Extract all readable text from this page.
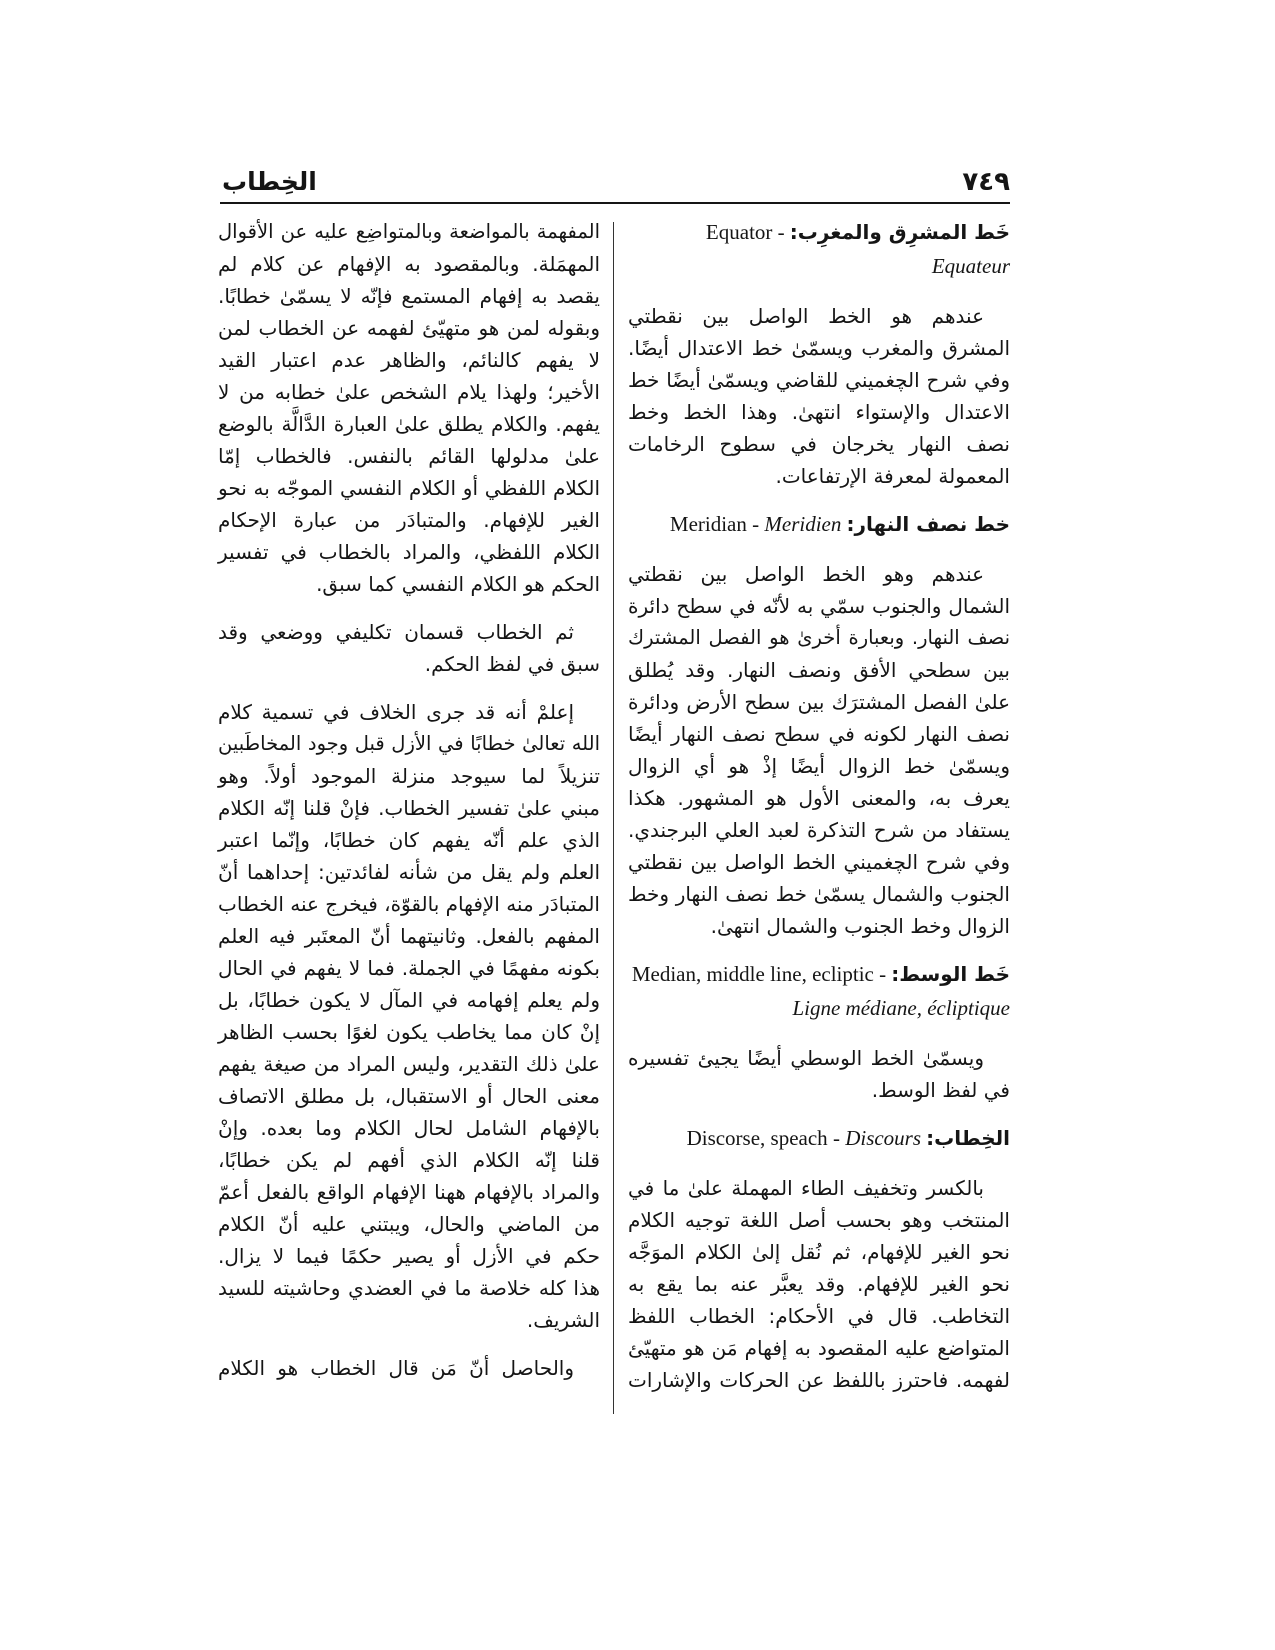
٧٤٩
الخِطاب
خَط المشرِق والمغرِب: Equator -
Equateur
عندهم هو الخط الواصل بين نقطتي
المشرق والمغرب ويسمّىٰ خط الاعتدال أيضًا.
وفي شرح الچغميني للقاضي ويسمّىٰ أيضًا خط
الاعتدال والإستواء انتهىٰ. وهذا الخط وخط
نصف النهار يخرجان في سطوح الرخامات
المعمولة لمعرفة الإرتفاعات.
خط نصف النهار: Meridian - Meridien
عندهم وهو الخط الواصل بين نقطتي
الشمال والجنوب سمّي به لأنّه في سطح دائرة
نصف النهار. وبعبارة أخرىٰ هو الفصل المشترك
بين سطحي الأفق ونصف النهار. وقد يُطلق
علىٰ الفصل المشترَك بين سطح الأرض ودائرة
نصف النهار لكونه في سطح نصف النهار أيضًا
ويسمّىٰ خط الزوال أيضًا إذْ هو أي الزوال
يعرف به، والمعنى الأول هو المشهور. هكذا
يستفاد من شرح التذكرة لعبد العلي البرجندي.
وفي شرح الچغميني الخط الواصل بين نقطتي
الجنوب والشمال يسمّىٰ خط نصف النهار وخط
الزوال وخط الجنوب والشمال انتهىٰ.
خَط الوسط: Median, middle line, ecliptic - Ligne médiane, écliptique
ويسمّىٰ الخط الوسطي أيضًا يجيئ تفسيره
في لفظ الوسط.
الخِطاب: Discorse, speach - Discours
بالكسر وتخفيف الطاء المهملة علىٰ ما في
المنتخب وهو بحسب أصل اللغة توجيه الكلام
نحو الغير للإفهام، ثم نُقل إلىٰ الكلام الموَجَّه
نحو الغير للإفهام. وقد يعبَّر عنه بما يقع به
التخاطب. قال في الأحكام: الخطاب اللفظ
المتواضع عليه المقصود به إفهام مَن هو متهيّئ
لفهمه. فاحترز باللفظ عن الحركات والإشارات
المفهمة بالمواضعة وبالمتواضِع عليه عن الأقوال
المهمَلة. وبالمقصود به الإفهام عن كلام لم
يقصد به إفهام المستمع فإنّه لا يسمّىٰ خطابًا.
وبقوله لمن هو متهيّئ لفهمه عن الخطاب لمن
لا يفهم كالنائم، والظاهر عدم اعتبار القيد
الأخير؛ ولهذا يلام الشخص علىٰ خطابه من لا
يفهم. والكلام يطلق علىٰ العبارة الدَّالَّة بالوضع
علىٰ مدلولها القائم بالنفس. فالخطاب إمّا
الكلام اللفظي أو الكلام النفسي الموجّه به نحو
الغير للإفهام. والمتبادَر من عبارة الإحكام
الكلام اللفظي، والمراد بالخطاب في تفسير
الحكم هو الكلام النفسي كما سبق.
ثم الخطاب قسمان تكليفي ووضعي وقد
سبق في لفظ الحكم.
إعلمْ أنه قد جرى الخلاف في تسمية كلام
الله تعالىٰ خطابًا في الأزل قبل وجود المخاطَبين
تنزيلاً لما سيوجد منزلة الموجود أولاً. وهو
مبني علىٰ تفسير الخطاب. فإنْ قلنا إنّه الكلام
الذي علم أنّه يفهم كان خطابًا، وإنّما اعتبر
العلم ولم يقل من شأنه لفائدتين: إحداهما أنّ
المتبادَر منه الإفهام بالقوّة، فيخرج عنه الخطاب
المفهم بالفعل. وثانيتهما أنّ المعتَبر فيه العلم
بكونه مفهمًا في الجملة. فما لا يفهم في الحال
ولم يعلم إفهامه في المآل لا يكون خطابًا، بل
إنْ كان مما يخاطب يكون لغوًا بحسب الظاهر
علىٰ ذلك التقدير، وليس المراد من صيغة يفهم
معنى الحال أو الاستقبال، بل مطلق الاتصاف
بالإفهام الشامل لحال الكلام وما بعده. وإنْ
قلنا إنّه الكلام الذي أفهم لم يكن خطابًا،
والمراد بالإفهام ههنا الإفهام الواقع بالفعل أعمّ
من الماضي والحال، ويبتني عليه أنّ الكلام
حكم في الأزل أو يصير حكمًا فيما لا يزال.
هذا كله خلاصة ما في العضدي وحاشيته للسيد
الشريف.
والحاصل أنّ مَن قال الخطاب هو الكلام
